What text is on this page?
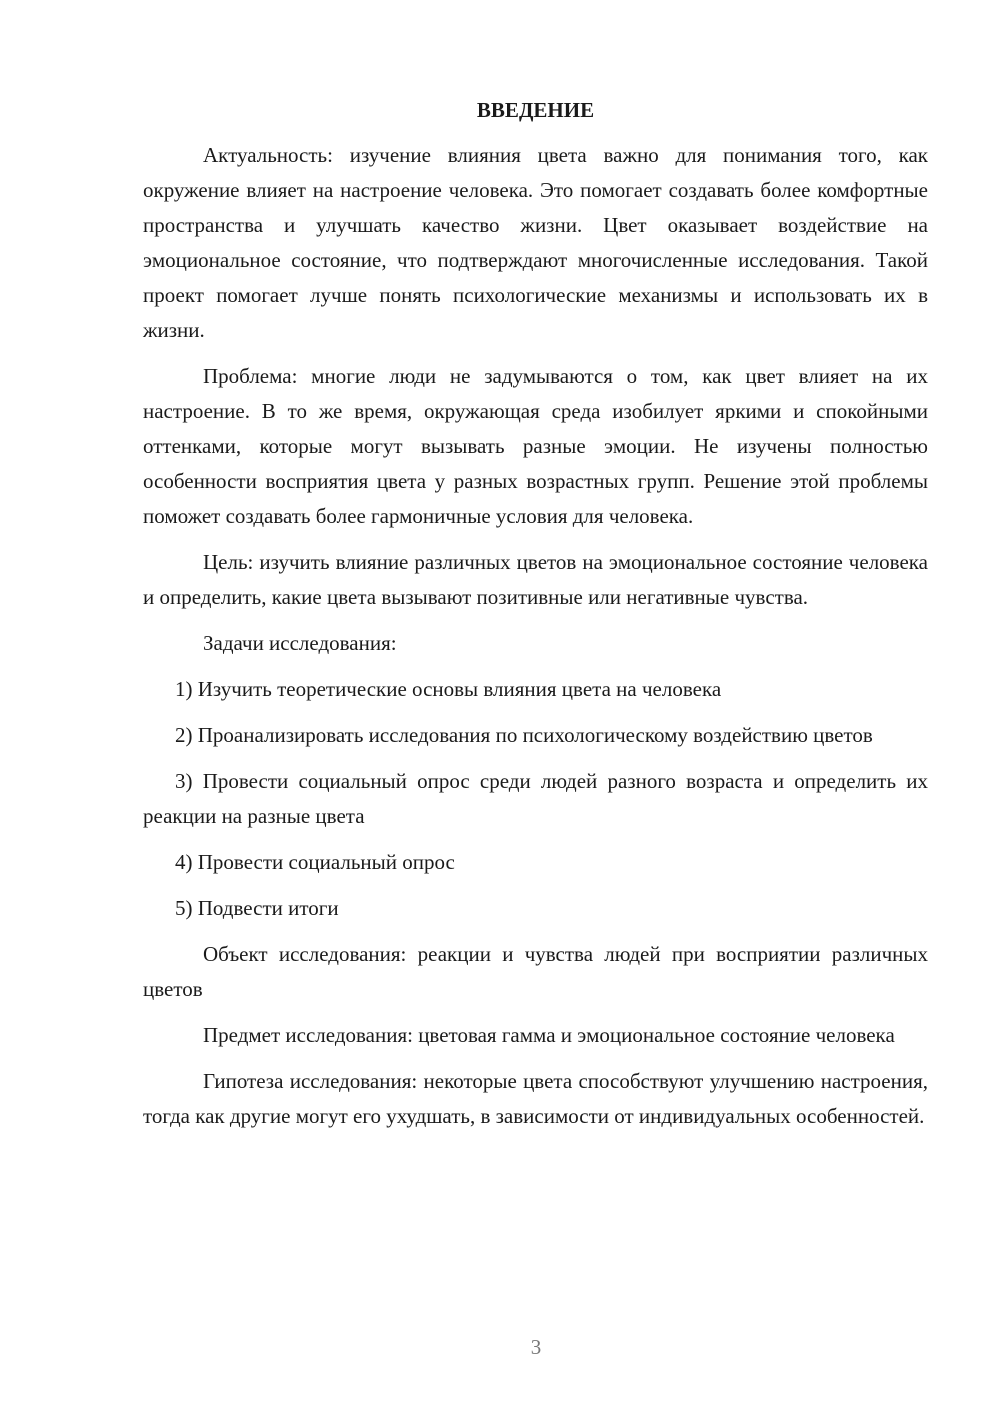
ВВЕДЕНИЕ

Актуальность: изучение влияния цвета важно для понимания того, как окружение влияет на настроение человека. Это помогает создавать более комфортные пространства и улучшать качество жизни. Цвет оказывает воздействие на эмоциональное состояние, что подтверждают многочисленные исследования. Такой проект помогает лучше понять психологические механизмы и использовать их в жизни.

Проблема: многие люди не задумываются о том, как цвет влияет на их настроение. В то же время, окружающая среда изобилует яркими и спокойными оттенками, которые могут вызывать разные эмоции. Не изучены полностью особенности восприятия цвета у разных возрастных групп. Решение этой проблемы поможет создавать более гармоничные условия для человека.

Цель: изучить влияние различных цветов на эмоциональное состояние человека и определить, какие цвета вызывают позитивные или негативные чувства.

Задачи исследования:

1) Изучить теоретические основы влияния цвета на человека

2) Проанализировать исследования по психологическому воздействию цветов

3) Провести социальный опрос среди людей разного возраста и определить их реакции на разные цвета

4) Провести социальный опрос

5) Подвести итоги

Объект исследования: реакции и чувства людей при восприятии различных цветов

Предмет исследования: цветовая гамма и эмоциональное состояние человека

Гипотеза исследования: некоторые цвета способствуют улучшению настроения, тогда как другие могут его ухудшать, в зависимости от индивидуальных особенностей.

3
